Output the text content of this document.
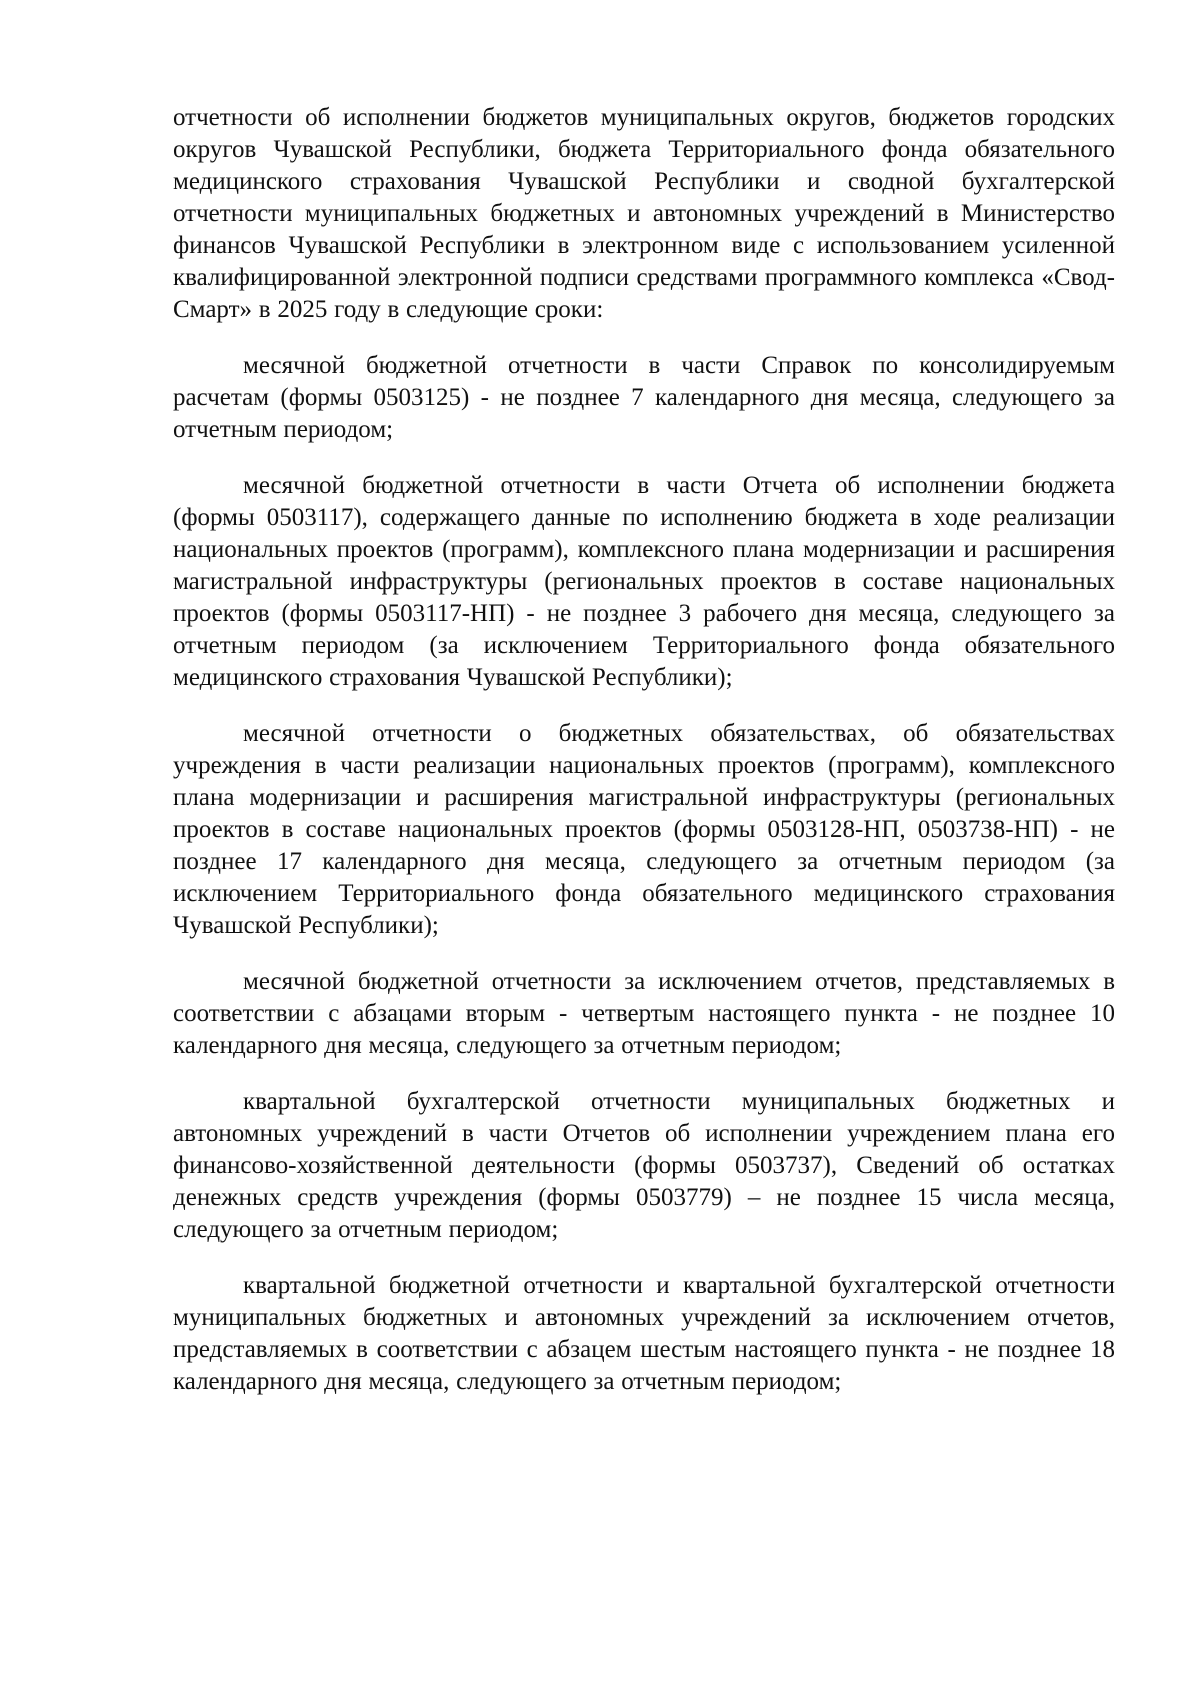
отчетности об исполнении бюджетов муниципальных округов, бюджетов городских округов Чувашской Республики, бюджета Территориального фонда обязательного медицинского страхования Чувашской Республики и сводной бухгалтерской отчетности муниципальных бюджетных и автономных учреждений в Министерство финансов Чувашской Республики в электронном виде с использованием усиленной квалифицированной электронной подписи средствами программного комплекса «Свод-Смарт» в 2025 году в следующие сроки:

месячной бюджетной отчетности в части Справок по консолидируемым расчетам (формы 0503125) - не позднее 7 календарного дня месяца, следующего за отчетным периодом;

месячной бюджетной отчетности в части Отчета об исполнении бюджета (формы 0503117), содержащего данные по исполнению бюджета в ходе реализации национальных проектов (программ), комплексного плана модернизации и расширения магистральной инфраструктуры (региональных проектов в составе национальных проектов (формы 0503117-НП) - не позднее 3 рабочего дня месяца, следующего за отчетным периодом (за исключением Территориального фонда обязательного медицинского страхования Чувашской Республики);

месячной отчетности о бюджетных обязательствах, об обязательствах учреждения в части реализации национальных проектов (программ), комплексного плана модернизации и расширения магистральной инфраструктуры (региональных проектов в составе национальных проектов (формы 0503128-НП, 0503738-НП) - не позднее 17 календарного дня месяца, следующего за отчетным периодом (за исключением Территориального фонда обязательного медицинского страхования Чувашской Республики);

месячной бюджетной отчетности за исключением отчетов, представляемых в соответствии с абзацами вторым - четвертым настоящего пункта - не позднее 10 календарного дня месяца, следующего за отчетным периодом;

квартальной бухгалтерской отчетности муниципальных бюджетных и автономных учреждений в части Отчетов об исполнении учреждением плана его финансово-хозяйственной деятельности (формы 0503737), Сведений об остатках денежных средств учреждения (формы 0503779) – не позднее 15 числа месяца, следующего за отчетным периодом;

квартальной бюджетной отчетности и квартальной бухгалтерской отчетности муниципальных бюджетных и автономных учреждений за исключением отчетов, представляемых в соответствии с абзацем шестым настоящего пункта - не позднее 18 календарного дня месяца, следующего за отчетным периодом;
